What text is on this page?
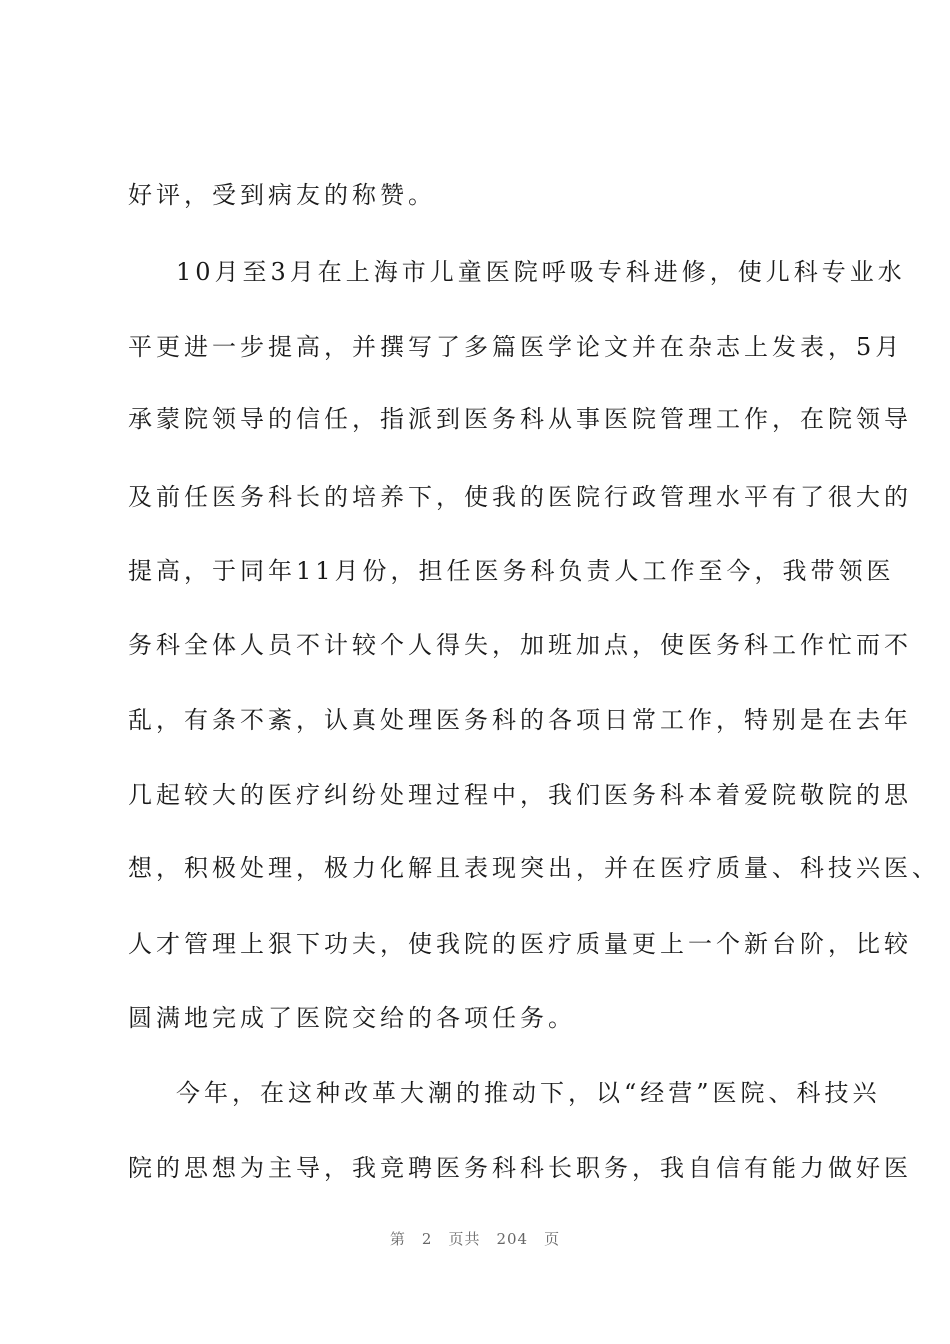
好评，受到病友的称赞。
10月至3月在上海市儿童医院呼吸专科进修，使儿科专业水
平更进一步提高，并撰写了多篇医学论文并在杂志上发表，5月
承蒙院领导的信任，指派到医务科从事医院管理工作，在院领导
及前任医务科长的培养下，使我的医院行政管理水平有了很大的
提高，于同年11月份，担任医务科负责人工作至今，我带领医
务科全体人员不计较个人得失，加班加点，使医务科工作忙而不
乱，有条不紊，认真处理医务科的各项日常工作，特别是在去年
几起较大的医疗纠纷处理过程中，我们医务科本着爱院敬院的思
想，积极处理，极力化解且表现突出，并在医疗质量、科技兴医、
人才管理上狠下功夫，使我院的医疗质量更上一个新台阶，比较
圆满地完成了医院交给的各项任务。
今年，在这种改革大潮的推动下，以“经营”医院、科技兴
院的思想为主导，我竞聘医务科科长职务，我自信有能力做好医
第 2 页共 204 页
